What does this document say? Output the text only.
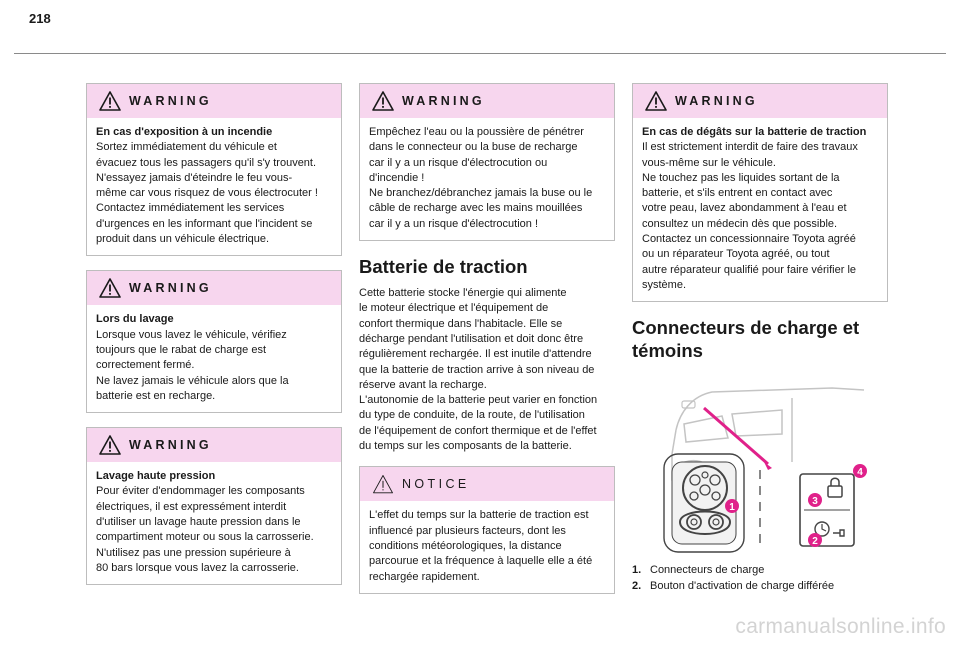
218
WARNING

En cas d'exposition à un incendie

Sortez immédiatement du véhicule et

évacuez tous les passagers qu'il s'y trouvent.

N'essayez jamais d'éteindre le feu vous-

même car vous risquez de vous électrocuter !

Contactez immédiatement les services

d'urgences en les informant que l'incident se

produit dans un véhicule électrique.

WARNING

Lors du lavage

Lorsque vous lavez le véhicule, vérifiez

toujours que le rabat de charge est

correctement fermé.

Ne lavez jamais le véhicule alors que la

batterie est en recharge.

WARNING

Lavage haute pression

Pour éviter d'endommager les composants

électriques, il est expressément interdit

d'utiliser un lavage haute pression dans le

compartiment moteur ou sous la carrosserie.

N'utilisez pas une pression supérieure à

80 bars lorsque vous lavez la carrosserie.

WARNING

Empêchez l'eau ou la poussière de pénétrer

dans le connecteur ou la buse de recharge

car il y a un risque d'électrocution ou

d'incendie !

Ne branchez/débranchez jamais la buse ou le

câble de recharge avec les mains mouillées

car il y a un risque d'électrocution !

Batterie de traction

Cette batterie stocke l'énergie qui alimente

le moteur électrique et l'équipement de

confort thermique dans l'habitacle. Elle se

décharge pendant l'utilisation et doit donc être

régulièrement rechargée. Il est inutile d'attendre

que la batterie de traction arrive à son niveau de

réserve avant la recharge.

L'autonomie de la batterie peut varier en fonction

du type de conduite, de la route, de l'utilisation

de l'équipement de confort thermique et de l'effet

du temps sur les composants de la batterie.

NOTICE

L'effet du temps sur la batterie de traction est

influencé par plusieurs facteurs, dont les

conditions météorologiques, la distance

parcourue et la fréquence à laquelle elle a été

rechargée rapidement.

WARNING

En cas de dégâts sur la batterie de traction

Il est strictement interdit de faire des travaux

vous-même sur le véhicule.

Ne touchez pas les liquides sortant de la

batterie, et s'ils entrent en contact avec

votre peau, lavez abondamment à l'eau et

consultez un médecin dès que possible.

Contactez un concessionnaire Toyota agréé

ou un réparateur Toyota agréé, ou tout

autre réparateur qualifié pour faire vérifier le

système.

Connecteurs de charge et
témoins
1
2
3
4
1. Connecteurs de charge
2. Bouton d'activation de charge différée
carmanualsonline.info
